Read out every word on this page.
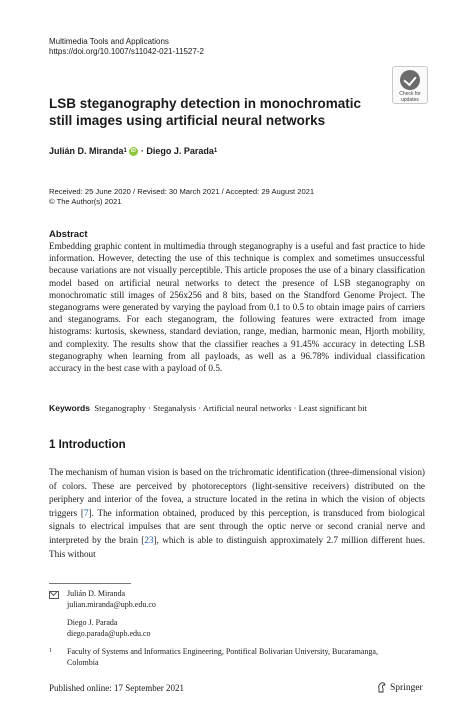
Multimedia Tools and Applications
https://doi.org/10.1007/s11042-021-11527-2
Check for
updates
LSB steganography detection in monochromatic still images using artificial neural networks
Julián D. Miranda 1 iD ·
Diego J. Parada 1
Received: 25 June 2020 / Revised: 30 March 2021 / Accepted: 29 August 2021
© The Author(s) 2021
Abstract
Embedding graphic content in multimedia through steganography is a useful and fast practice to hide information. However, detecting the use of this technique is complex and sometimes unsuccessful because variations are not visually perceptible. This article proposes the use of a binary classification model based on artificial neural networks to detect the presence of LSB steganography on monochromatic still images of 256x256 and 8 bits, based on the Standford Genome Project. The steganograms were generated by varying the payload from 0.1 to 0.5 to obtain image pairs of carriers and steganograms. For each steganogram, the following features were extracted from image histograms: kurtosis, skewness, standard deviation, range, median, harmonic mean, Hjorth mobility, and complexity. The results show that the classifier reaches a 91.45% accuracy in detecting LSB steganography when learning from all payloads, as well as a 96.78% individual classification accuracy in the best case with a payload of 0.5.
Keywords Steganography · Steganalysis · Artificial neural networks · Least significant bit
1 Introduction
The mechanism of human vision is based on the trichromatic identification (three-dimensional vision) of colors. These are perceived by photoreceptors (light-sensitive receivers) distributed on the periphery and interior of the fovea, a structure located in the retina in which the vision of objects triggers [7]. The information obtained, produced by this perception, is transduced from biological signals to electrical impulses that are sent through the optic nerve or second cranial nerve and interpreted by the brain [23], which is able to distinguish approximately 2.7 million different hues. This without
Julián D. Miranda
julian.miranda@upb.edu.co
Diego J. Parada
diego.parada@upb.edu.co
1 Faculty of Systems and Informatics Engineering, Pontifical Bolivarian University, Bucaramanga, Colombia
Published online: 17 September 2021	Springer
